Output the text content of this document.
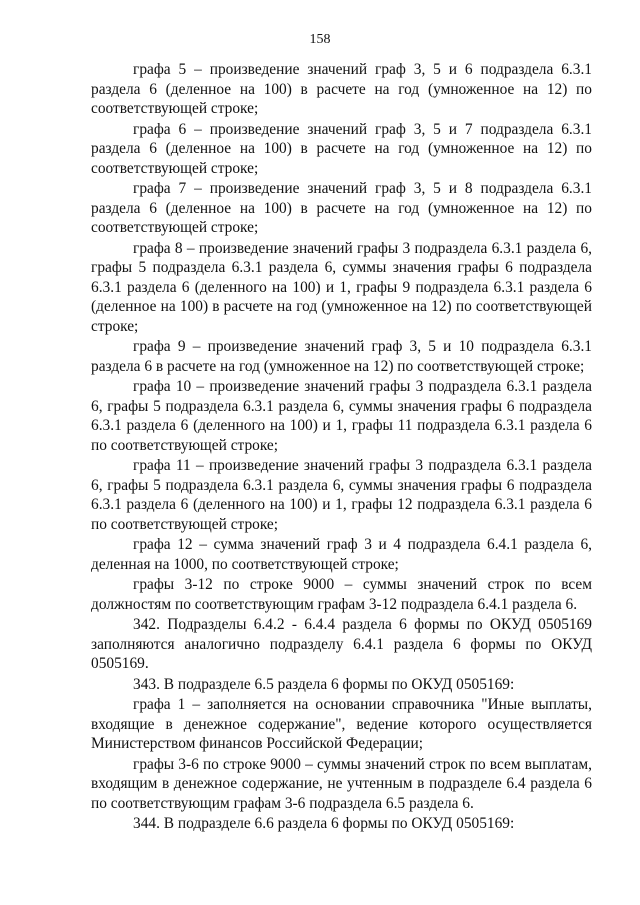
158

графа 5 – произведение значений граф 3, 5 и 6 подраздела 6.3.1 раздела 6 (деленное на 100) в расчете на год (умноженное на 12) по соответствующей строке;

графа 6 – произведение значений граф 3, 5 и 7 подраздела 6.3.1 раздела 6 (деленное на 100) в расчете на год (умноженное на 12) по соответствующей строке;

графа 7 – произведение значений граф 3, 5 и 8 подраздела 6.3.1 раздела 6 (деленное на 100) в расчете на год (умноженное на 12) по соответствующей строке;

графа 8 – произведение значений графы 3 подраздела 6.3.1 раздела 6, графы 5 подраздела 6.3.1 раздела 6, суммы значения графы 6 подраздела 6.3.1 раздела 6 (деленного на 100) и 1, графы 9 подраздела 6.3.1 раздела 6 (деленное на 100) в расчете на год (умноженное на 12) по соответствующей строке;

графа 9 – произведение значений граф 3, 5 и 10 подраздела 6.3.1 раздела 6 в расчете на год (умноженное на 12) по соответствующей строке;

графа 10 – произведение значений графы 3 подраздела 6.3.1 раздела 6, графы 5 подраздела 6.3.1 раздела 6, суммы значения графы 6 подраздела 6.3.1 раздела 6 (деленного на 100) и 1, графы 11 подраздела 6.3.1 раздела 6 по соответствующей строке;

графа 11 – произведение значений графы 3 подраздела 6.3.1 раздела 6, графы 5 подраздела 6.3.1 раздела 6, суммы значения графы 6 подраздела 6.3.1 раздела 6 (деленного на 100) и 1, графы 12 подраздела 6.3.1 раздела 6 по соответствующей строке;

графа 12 – сумма значений граф 3 и 4 подраздела 6.4.1 раздела 6, деленная на 1000, по соответствующей строке;

графы 3-12 по строке 9000 – суммы значений строк по всем должностям по соответствующим графам 3-12 подраздела 6.4.1 раздела 6.

342. Подразделы 6.4.2 - 6.4.4 раздела 6 формы по ОКУД 0505169 заполняются аналогично подразделу 6.4.1 раздела 6 формы по ОКУД 0505169.

343. В подразделе 6.5 раздела 6 формы по ОКУД 0505169:

графа 1 – заполняется на основании справочника "Иные выплаты, входящие в денежное содержание", ведение которого осуществляется Министерством финансов Российской Федерации;

графы 3-6 по строке 9000 – суммы значений строк по всем выплатам, входящим в денежное содержание, не учтенным в подразделе 6.4 раздела 6 по соответствующим графам 3-6 подраздела 6.5 раздела 6.

344. В подразделе 6.6 раздела 6 формы по ОКУД 0505169:
